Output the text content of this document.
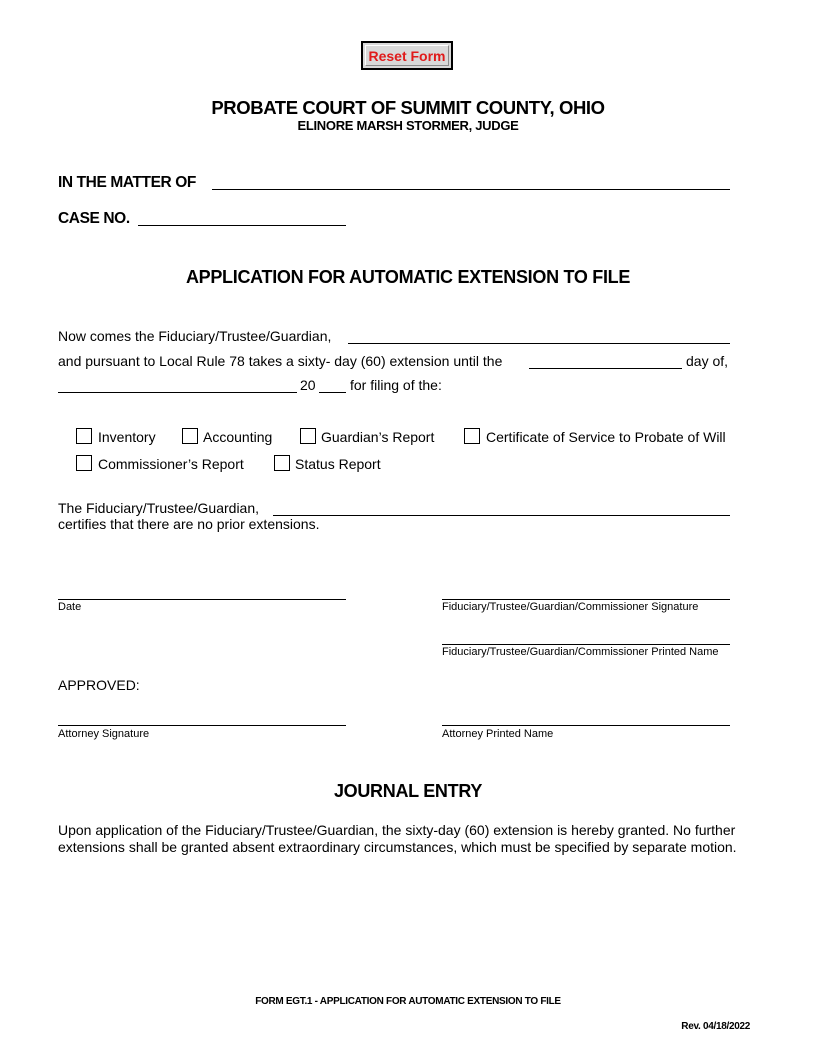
Reset Form
PROBATE COURT OF SUMMIT COUNTY, OHIO
ELINORE MARSH STORMER, JUDGE
IN THE MATTER OF
CASE NO.
APPLICATION FOR AUTOMATIC EXTENSION TO FILE
Now comes the Fiduciary/Trustee/Guardian,
and pursuant to Local Rule 78 takes a sixty- day (60) extension until the	day of,
20 for filing of the:
Inventory	Accounting	Guardian’s Report	Certificate of Service to Probate of Will
Commissioner’s Report	Status Report
The Fiduciary/Trustee/Guardian,
certifies that there are no prior extensions.
Date	Fiduciary/Trustee/Guardian/Commissioner Signature
Fiduciary/Trustee/Guardian/Commissioner Printed Name
APPROVED:
Attorney Signature	Attorney Printed Name
JOURNAL ENTRY
Upon application of the Fiduciary/Trustee/Guardian, the sixty-day (60) extension is hereby granted. No further
extensions shall be granted absent extraordinary circumstances, which must be specified by separate motion.
FORM EGT.1 - APPLICATION FOR AUTOMATIC EXTENSION TO FILE
Rev. 04/18/2022
